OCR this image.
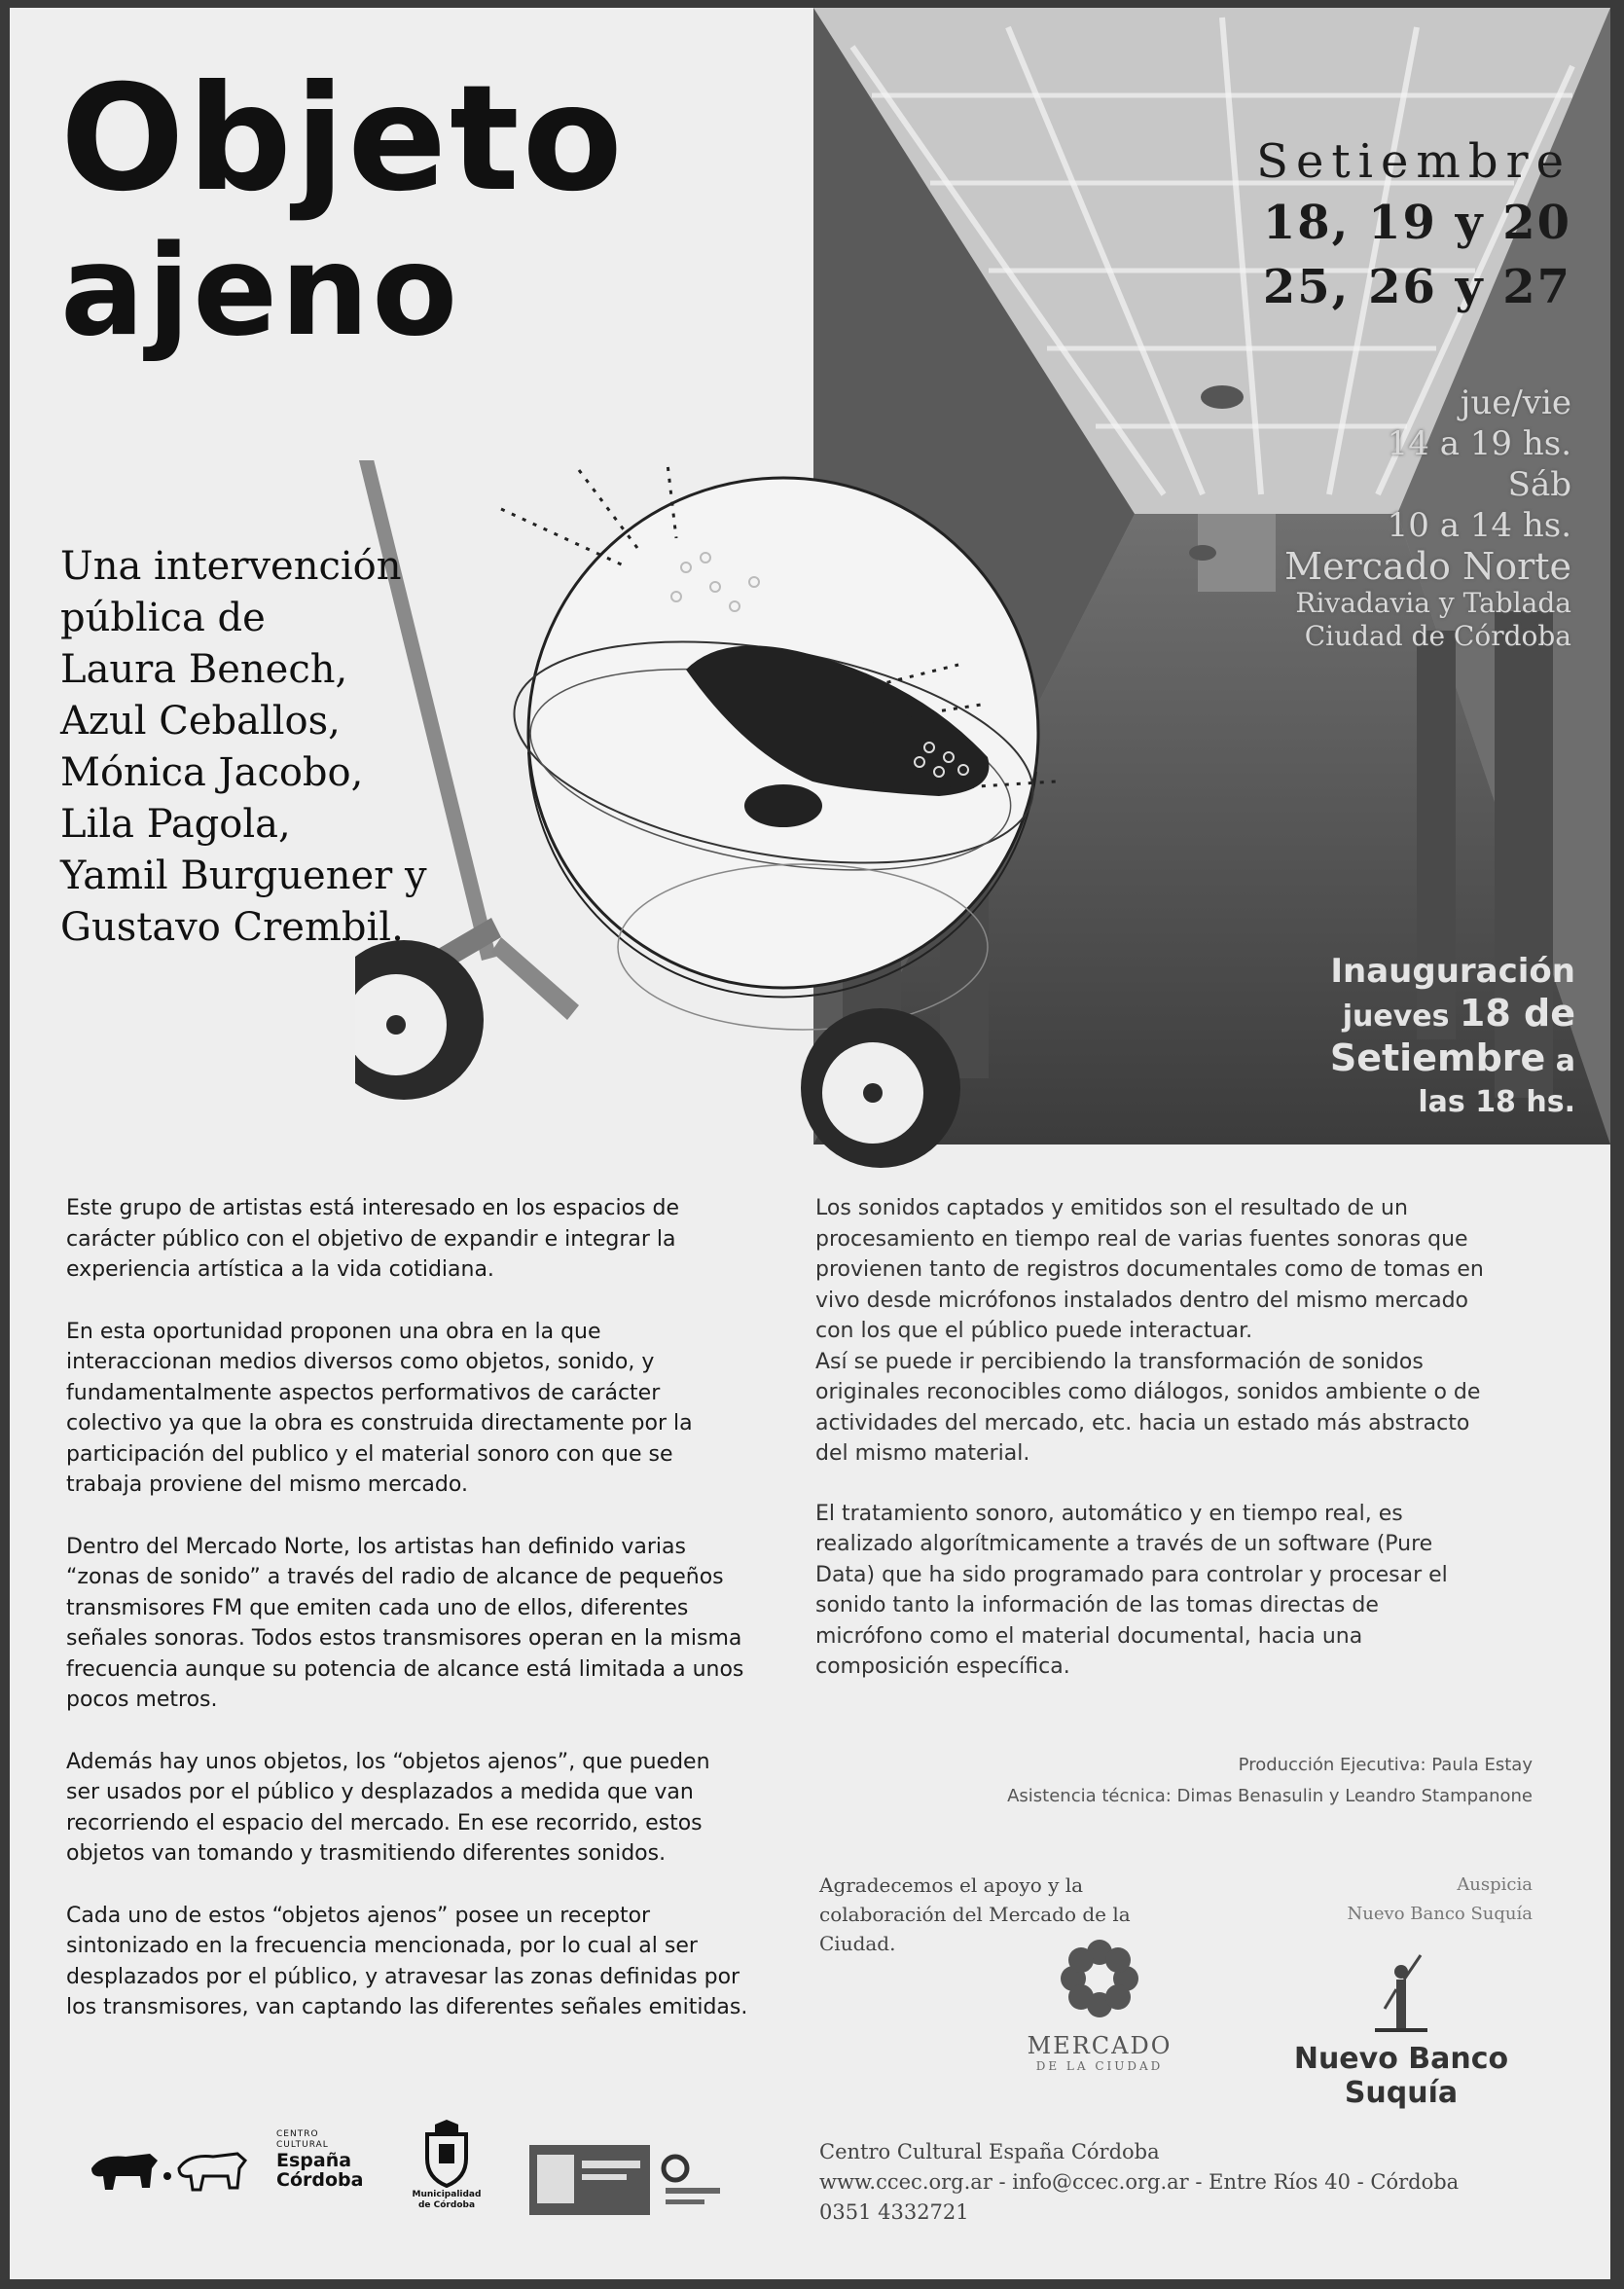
Objeto
ajeno
Setiembre
18, 19 y 20
25, 26 y 27
jue/vie
14 a 19 hs.
Sáb
10 a 14 hs.
Mercado Norte
Rivadavia y Tablada
Ciudad de Córdoba
Inauguración
jueves 18 de
Setiembre a
las 18 hs.
Una intervención
pública de
Laura Benech,
Azul Ceballos,
Mónica Jacobo,
Lila Pagola,
Yamil Burguener y
Gustavo Crembil.

Este grupo de artistas está interesado en los espacios de
carácter público con el objetivo de expandir e integrar la
experiencia artística a la vida cotidiana.

En esta oportunidad proponen una obra en la que
interaccionan medios diversos como objetos, sonido, y
fundamentalmente aspectos performativos de carácter
colectivo ya que la obra es construida directamente por la
participación del publico y el material sonoro con que se
trabaja proviene del mismo mercado.

Dentro del Mercado Norte, los artistas han definido varias
“zonas de sonido” a través del radio de alcance de pequeños
transmisores FM que emiten cada uno de ellos, diferentes
señales sonoras. Todos estos transmisores operan en la misma
frecuencia aunque su potencia de alcance está limitada a unos
pocos metros.

Además hay unos objetos, los “objetos ajenos”, que pueden
ser usados por el público y desplazados a medida que van
recorriendo el espacio del mercado. En ese recorrido, estos
objetos van tomando y trasmitiendo diferentes sonidos.

Cada uno de estos “objetos ajenos” posee un receptor
sintonizado en la frecuencia mencionada, por lo cual al ser
desplazados por el público, y atravesar las zonas definidas por
los transmisores, van captando las diferentes señales emitidas.

Los sonidos captados y emitidos son el resultado de un
procesamiento en tiempo real de varias fuentes sonoras que
provienen tanto de registros documentales como de tomas en
vivo desde micrófonos instalados dentro del mismo mercado
con los que el público puede interactuar.
Así se puede ir percibiendo la transformación de sonidos
originales reconocibles como diálogos, sonidos ambiente o de
actividades del mercado, etc. hacia un estado más abstracto
del mismo material.

El tratamiento sonoro, automático y en tiempo real, es
realizado algorítmicamente a través de un software (Pure
Data) que ha sido programado para controlar y procesar el
sonido tanto la información de las tomas directas de
micrófono como el material documental, hacia una
composición específica.

Producción Ejecutiva: Paula Estay
Asistencia técnica: Dimas Benasulin y Leandro Stampanone
Agradecemos el apoyo y la
colaboración del Mercado de la
Ciudad.
Auspicia
Nuevo Banco Suquía
MERCADO
DE LA CIUDAD	Nuevo Banco Suquía
CENTRO
CULTURAL
España
Córdoba
Municipalidad
de Córdoba
Centro Cultural España Córdoba
www.ccec.org.ar - info@ccec.org.ar - Entre Ríos 40 - Córdoba
0351 4332721
